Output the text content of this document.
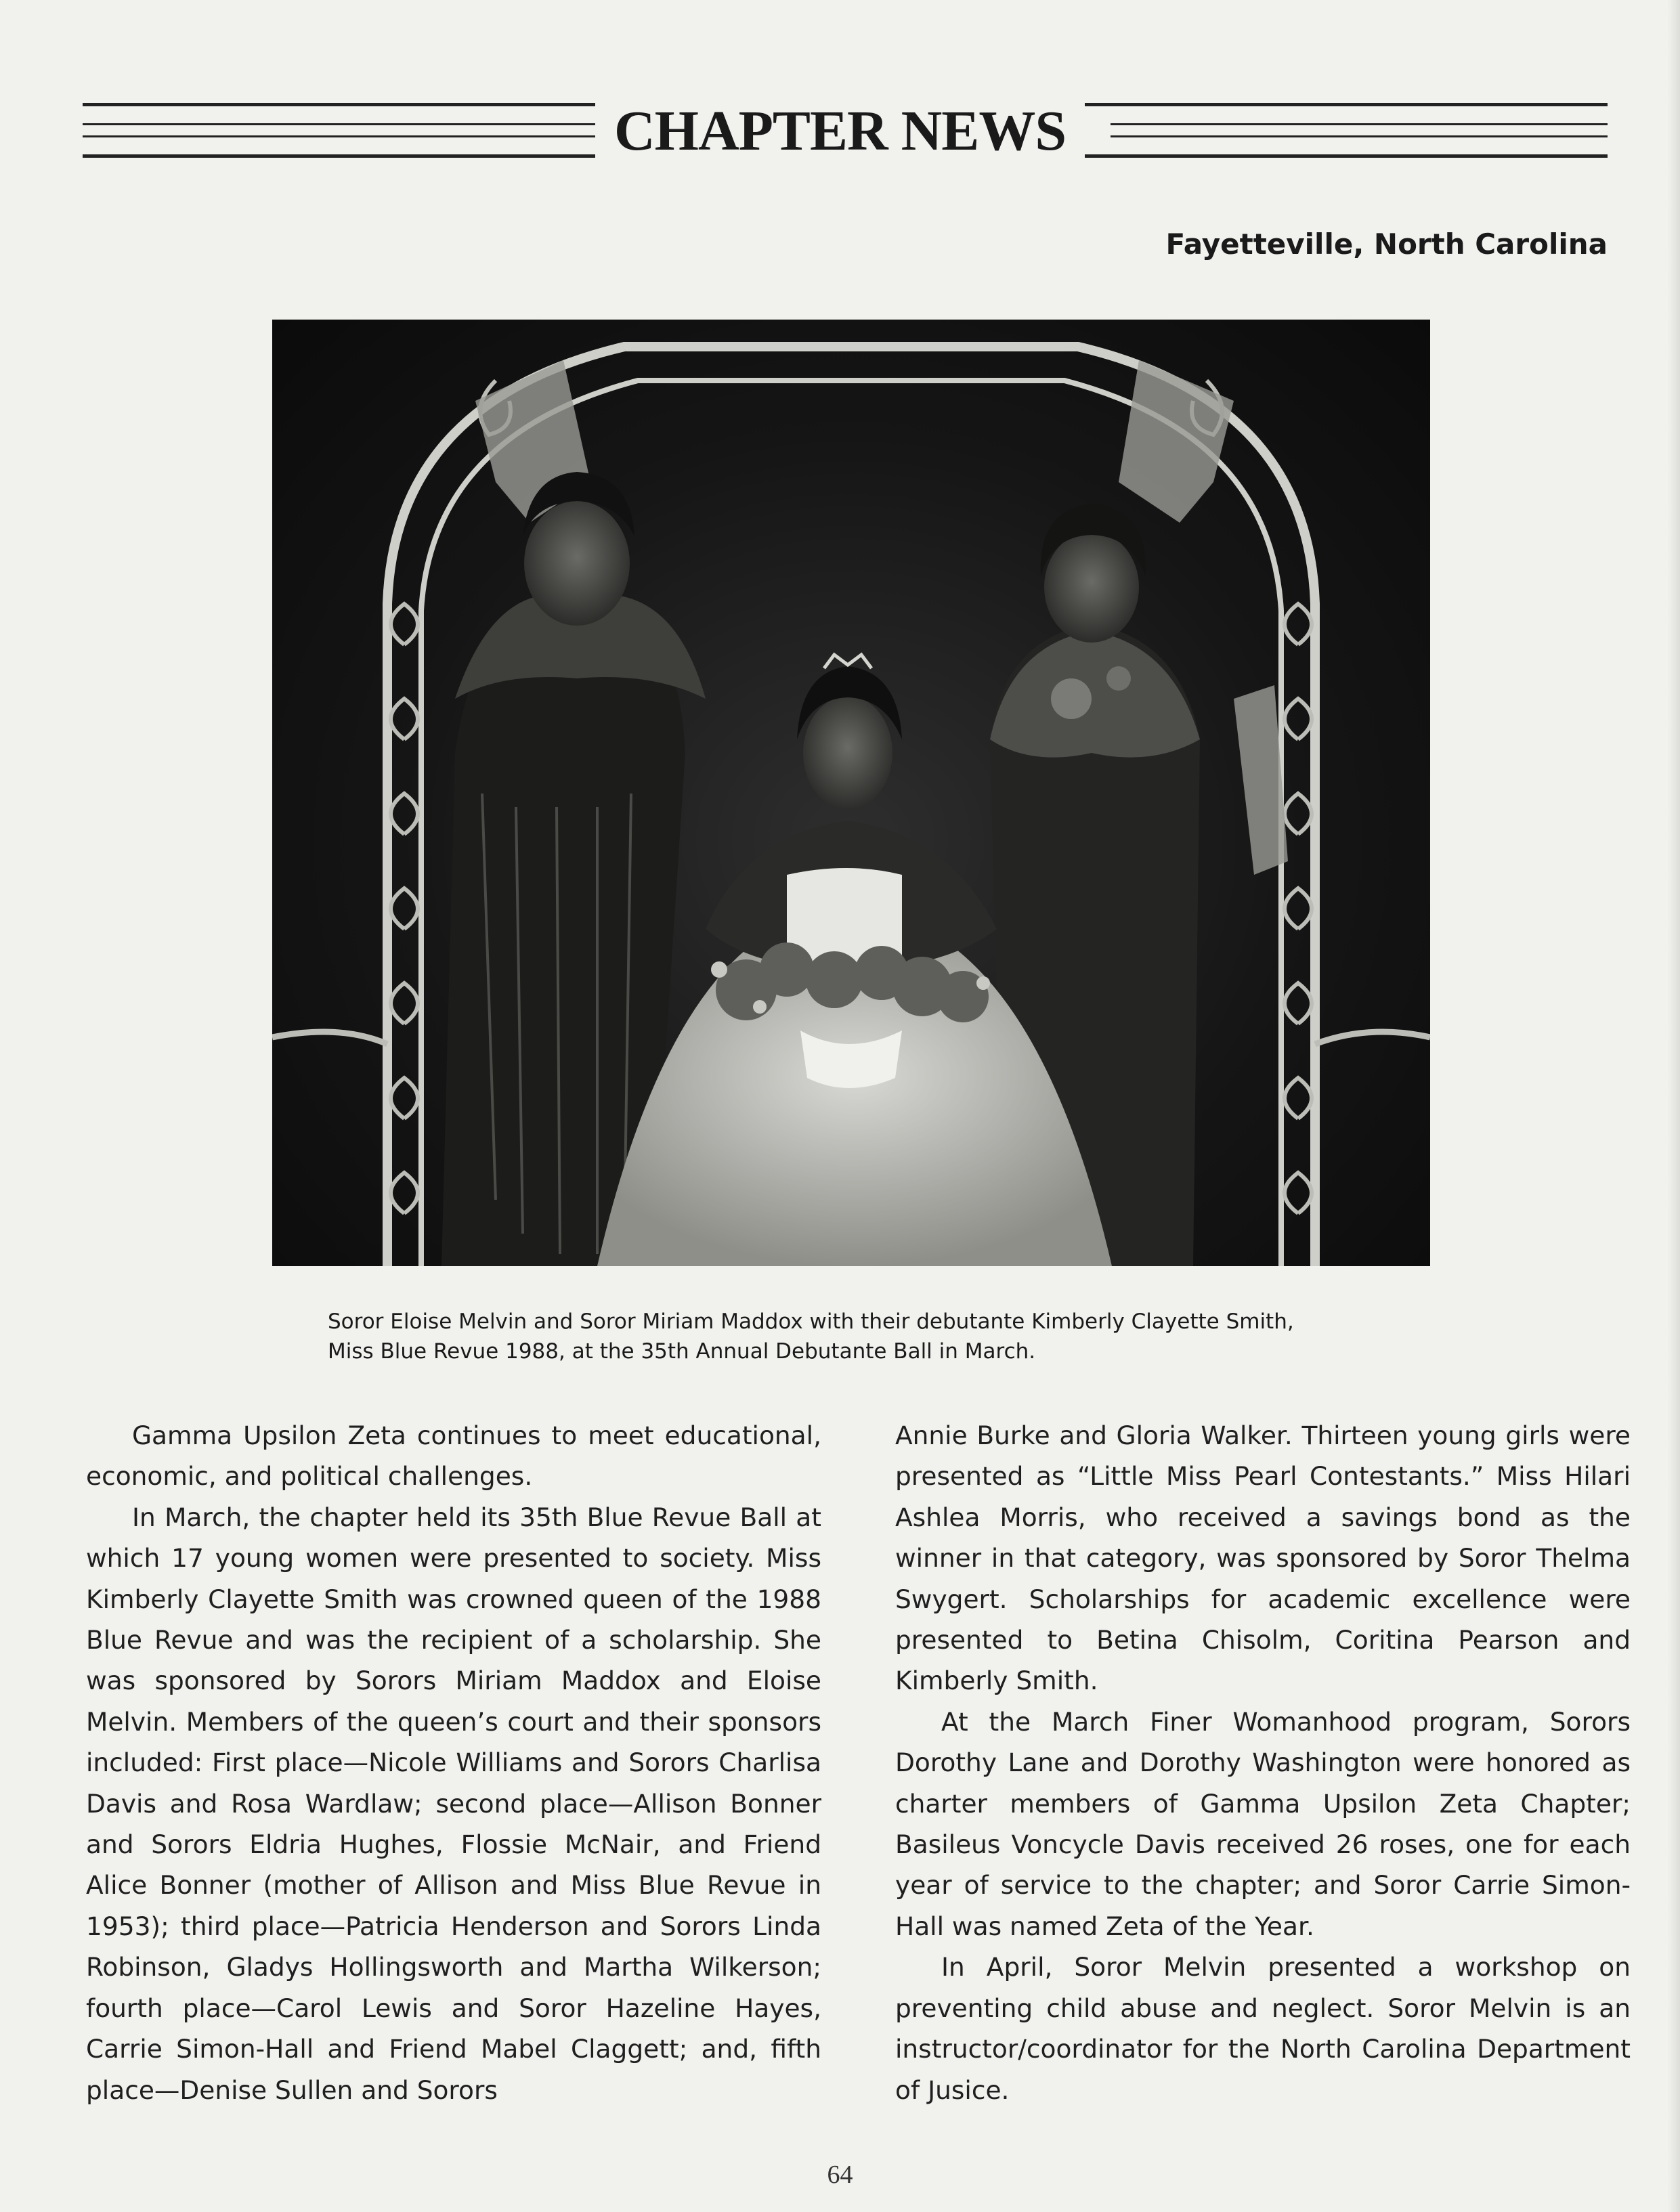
CHAPTER NEWS
Fayetteville, North Carolina
Soror Eloise Melvin and Soror Miriam Maddox with their debutante Kimberly Clayette Smith,
Miss Blue Revue 1988, at the 35th Annual Debutante Ball in March.

Gamma Upsilon Zeta continues to meet educational, economic, and political challenges.

In March, the chapter held its 35th Blue Revue Ball at which 17 young women were presented to society. Miss Kimberly Clayette Smith was crowned queen of the 1988 Blue Revue and was the recipient of a scholarship. She was sponsored by Sorors Miriam Maddox and Eloise Melvin. Members of the queen’s court and their sponsors included: First place—Nicole Williams and Sorors Charlisa Davis and Rosa Wardlaw; second place—Allison Bonner and Sorors Eldria Hughes, Flossie McNair, and Friend Alice Bonner (mother of Allison and Miss Blue Revue in 1953); third place—Patricia Henderson and Sorors Linda Robinson, Gladys Hollingsworth and Martha Wilkerson; fourth place—Carol Lewis and Soror Hazeline Hayes, Carrie Simon-Hall and Friend Mabel Claggett; and, fifth place—Denise Sullen and Sorors

Annie Burke and Gloria Walker. Thirteen young girls were presented as “Little Miss Pearl Contestants.” Miss Hilari Ashlea Morris, who received a savings bond as the winner in that category, was sponsored by Soror Thelma Swygert. Scholarships for academic excellence were presented to Betina Chisolm, Coritina Pearson and Kimberly Smith.

At the March Finer Womanhood program, Sorors Dorothy Lane and Dorothy Washington were honored as charter members of Gamma Upsilon Zeta Chapter; Basileus Voncycle Davis received 26 roses, one for each year of service to the chapter; and Soror Carrie Simon-Hall was named Zeta of the Year.

In April, Soror Melvin presented a workshop on preventing child abuse and neglect. Soror Melvin is an instructor/coordinator for the North Carolina Department of Jusice.

64
